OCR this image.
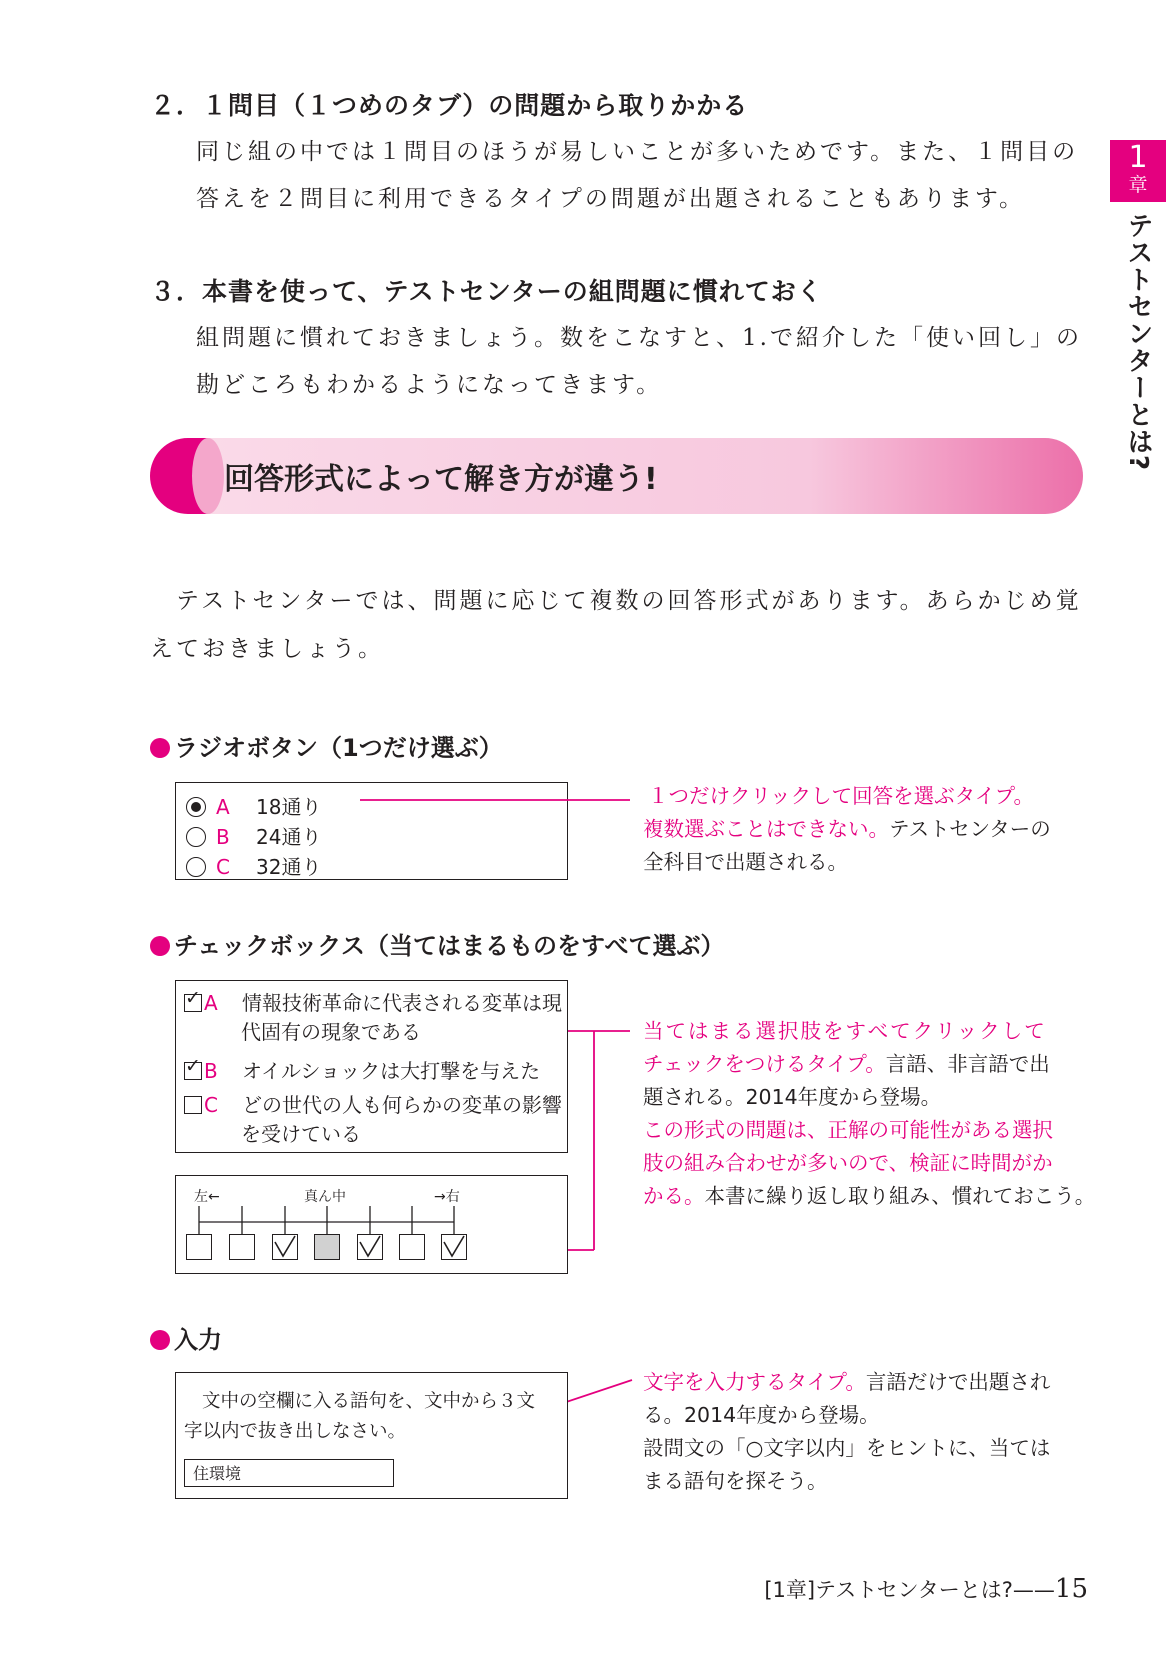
２．１問目（１つめのタブ）の問題から取りかかる
同じ組の中では１問目のほうが易しいことが多いためです。また、１問目の
答えを２問目に利用できるタイプの問題が出題されることもあります。
３．本書を使って、テストセンターの組問題に慣れておく
組問題に慣れておきましょう。数をこなすと、1.で紹介した「使い回し」の
勘どころもわかるようになってきます。
回答形式によって解き方が違う!
テストセンターでは、問題に応じて複数の回答形式があります。あらかじめ覚
えておきましょう。
ラジオボタン（1つだけ選ぶ）
A 18通り
B 24通り
C 32通り
１つだけクリックして回答を選ぶタイプ。
複数選ぶことはできない。テストセンターの
全科目で出題される。
チェックボックス（当てはまるものをすべて選ぶ）
✓ A 情報技術革命に代表される変革は現
代固有の現象である
✓ B オイルショックは大打撃を与えた
C どの世代の人も何らかの変革の影響
を受けている
左←	真ん中	→右
当てはまる選択肢をすべてクリックして
チェックをつけるタイプ。言語、非言語で出
題される。2014年度から登場。
この形式の問題は、正解の可能性がある選択
肢の組み合わせが多いので、検証に時間がか
かる。本書に繰り返し取り組み、慣れておこう。
入力
文中の空欄に入る語句を、文中から３文
字以内で抜き出しなさい。
住環境
文字を入力するタイプ。言語だけで出題され
る。2014年度から登場。
設問文の「○文字以内」をヒントに、当ては
まる語句を探そう。
1
章
テストセンターとは?
[1章]テストセンターとは?——15
